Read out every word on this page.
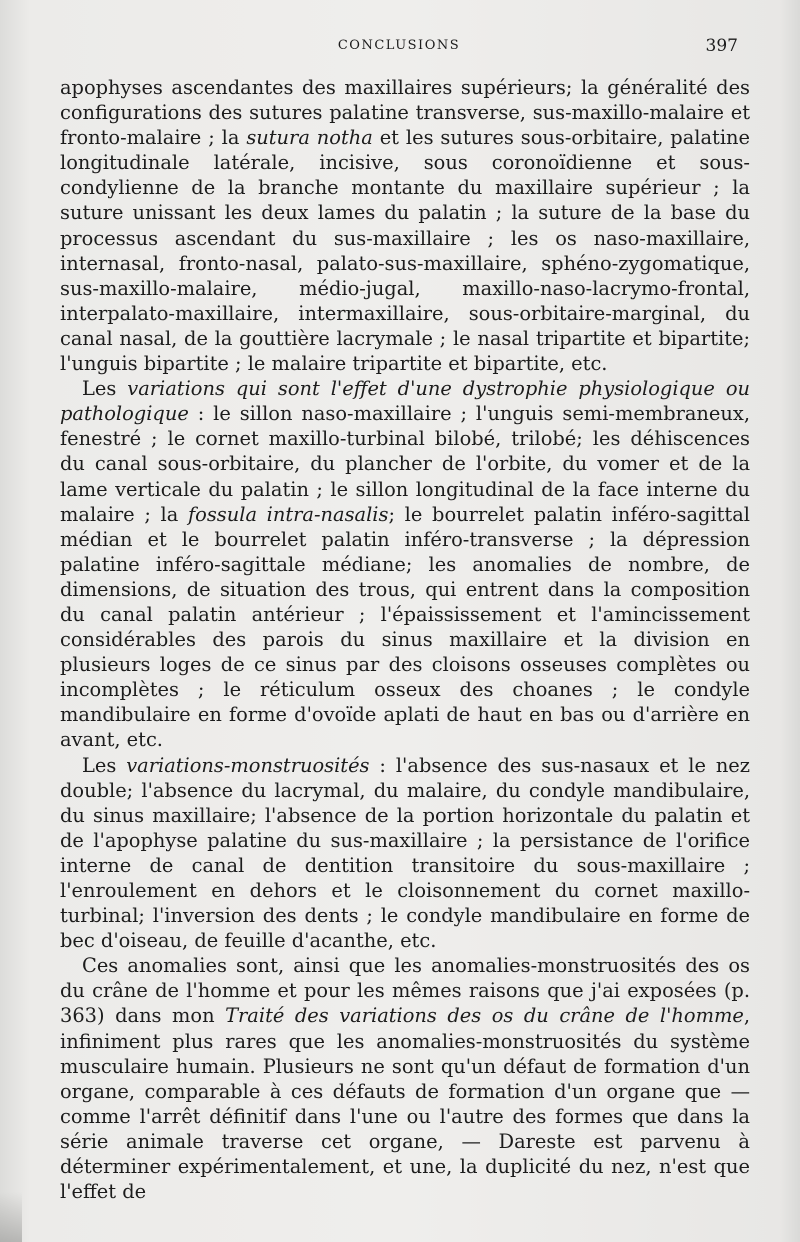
CONCLUSIONS	397

apophyses ascendantes des maxillaires supérieurs; la généralité des configurations des sutures palatine transverse, sus-maxillo-malaire et fronto-malaire ; la sutura notha et les sutures sous-orbitaire, palatine longitudinale latérale, incisive, sous coronoïdienne et sous-condylienne de la branche montante du maxillaire supérieur ; la suture unissant les deux lames du palatin ; la suture de la base du processus ascendant du sus-maxillaire ; les os naso-maxillaire, internasal, fronto-nasal, palato-sus-maxillaire, sphéno-zygomatique, sus-maxillo-malaire, médio-jugal, maxillo-naso-lacrymo-frontal, interpalato-maxillaire, intermaxillaire, sous-orbitaire-marginal, du canal nasal, de la gouttière lacrymale ; le nasal tripartite et bipartite; l'unguis bipartite ; le malaire tripartite et bipartite, etc.

Les variations qui sont l'effet d'une dystrophie physiologique ou pathologique : le sillon naso-maxillaire ; l'unguis semi-membraneux, fenestré ; le cornet maxillo-turbinal bilobé, trilobé; les déhiscences du canal sous-orbitaire, du plancher de l'orbite, du vomer et de la lame verticale du palatin ; le sillon longitudinal de la face interne du malaire ; la fossula intra-nasalis; le bourrelet palatin inféro-sagittal médian et le bourrelet palatin inféro-transverse ; la dépression palatine inféro-sagittale médiane; les anomalies de nombre, de dimensions, de situation des trous, qui entrent dans la composition du canal palatin antérieur ; l'épaississement et l'amincissement considérables des parois du sinus maxillaire et la division en plusieurs loges de ce sinus par des cloisons osseuses complètes ou incomplètes ; le réticulum osseux des choanes ; le condyle mandibulaire en forme d'ovoïde aplati de haut en bas ou d'arrière en avant, etc.

Les variations-monstruosités : l'absence des sus-nasaux et le nez double; l'absence du lacrymal, du malaire, du condyle mandibulaire, du sinus maxillaire; l'absence de la portion horizontale du palatin et de l'apophyse palatine du sus-maxillaire ; la persistance de l'orifice interne de canal de dentition transitoire du sous-maxillaire ; l'enroulement en dehors et le cloisonnement du cornet maxillo-turbinal; l'inversion des dents ; le condyle mandibulaire en forme de bec d'oiseau, de feuille d'acanthe, etc.

Ces anomalies sont, ainsi que les anomalies-monstruosités des os du crâne de l'homme et pour les mêmes raisons que j'ai exposées (p. 363) dans mon Traité des variations des os du crâne de l'homme, infiniment plus rares que les anomalies-monstruosités du système musculaire humain. Plusieurs ne sont qu'un défaut de formation d'un organe, comparable à ces défauts de formation d'un organe que — comme l'arrêt définitif dans l'une ou l'autre des formes que dans la série animale traverse cet organe, — Dareste est parvenu à déterminer expérimentalement, et une, la duplicité du nez, n'est que l'effet de
